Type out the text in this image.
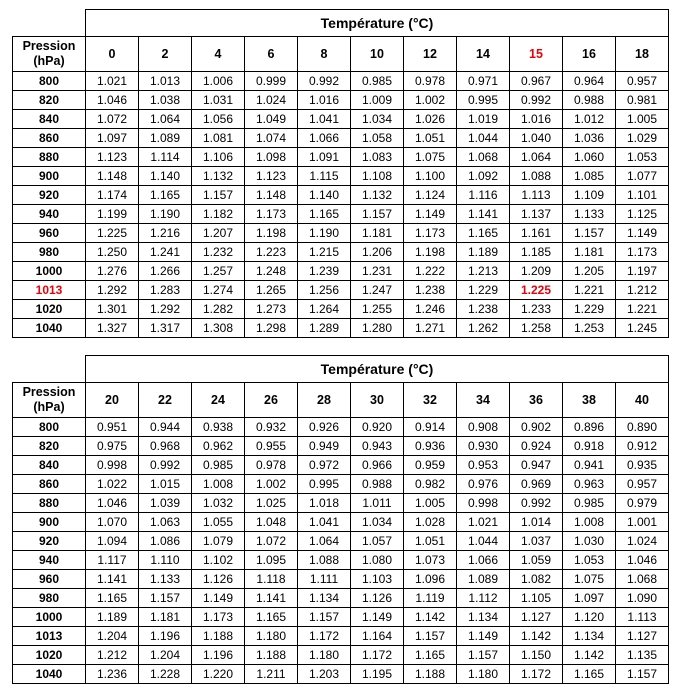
	Température (°C)										
Pression
(hPa)	0	2	4	6	8	10	12	14	15	16	18
800	1.021	1.013	1.006	0.999	0.992	0.985	0.978	0.971	0.967	0.964	0.957
820	1.046	1.038	1.031	1.024	1.016	1.009	1.002	0.995	0.992	0.988	0.981
840	1.072	1.064	1.056	1.049	1.041	1.034	1.026	1.019	1.016	1.012	1.005
860	1.097	1.089	1.081	1.074	1.066	1.058	1.051	1.044	1.040	1.036	1.029
880	1.123	1.114	1.106	1.098	1.091	1.083	1.075	1.068	1.064	1.060	1.053
900	1.148	1.140	1.132	1.123	1.115	1.108	1.100	1.092	1.088	1.085	1.077
920	1.174	1.165	1.157	1.148	1.140	1.132	1.124	1.116	1.113	1.109	1.101
940	1.199	1.190	1.182	1.173	1.165	1.157	1.149	1.141	1.137	1.133	1.125
960	1.225	1.216	1.207	1.198	1.190	1.181	1.173	1.165	1.161	1.157	1.149
980	1.250	1.241	1.232	1.223	1.215	1.206	1.198	1.189	1.185	1.181	1.173
1000	1.276	1.266	1.257	1.248	1.239	1.231	1.222	1.213	1.209	1.205	1.197
1013	1.292	1.283	1.274	1.265	1.256	1.247	1.238	1.229	1.225	1.221	1.212
1020	1.301	1.292	1.282	1.273	1.264	1.255	1.246	1.238	1.233	1.229	1.221
1040	1.327	1.317	1.308	1.298	1.289	1.280	1.271	1.262	1.258	1.253	1.245
	Température (°C)										
Pression
(hPa)	20	22	24	26	28	30	32	34	36	38	40
800	0.951	0.944	0.938	0.932	0.926	0.920	0.914	0.908	0.902	0.896	0.890
820	0.975	0.968	0.962	0.955	0.949	0.943	0.936	0.930	0.924	0.918	0.912
840	0.998	0.992	0.985	0.978	0.972	0.966	0.959	0.953	0.947	0.941	0.935
860	1.022	1.015	1.008	1.002	0.995	0.988	0.982	0.976	0.969	0.963	0.957
880	1.046	1.039	1.032	1.025	1.018	1.011	1.005	0.998	0.992	0.985	0.979
900	1.070	1.063	1.055	1.048	1.041	1.034	1.028	1.021	1.014	1.008	1.001
920	1.094	1.086	1.079	1.072	1.064	1.057	1.051	1.044	1.037	1.030	1.024
940	1.117	1.110	1.102	1.095	1.088	1.080	1.073	1.066	1.059	1.053	1.046
960	1.141	1.133	1.126	1.118	1.111	1.103	1.096	1.089	1.082	1.075	1.068
980	1.165	1.157	1.149	1.141	1.134	1.126	1.119	1.112	1.105	1.097	1.090
1000	1.189	1.181	1.173	1.165	1.157	1.149	1.142	1.134	1.127	1.120	1.113
1013	1.204	1.196	1.188	1.180	1.172	1.164	1.157	1.149	1.142	1.134	1.127
1020	1.212	1.204	1.196	1.188	1.180	1.172	1.165	1.157	1.150	1.142	1.135
1040	1.236	1.228	1.220	1.211	1.203	1.195	1.188	1.180	1.172	1.165	1.157
